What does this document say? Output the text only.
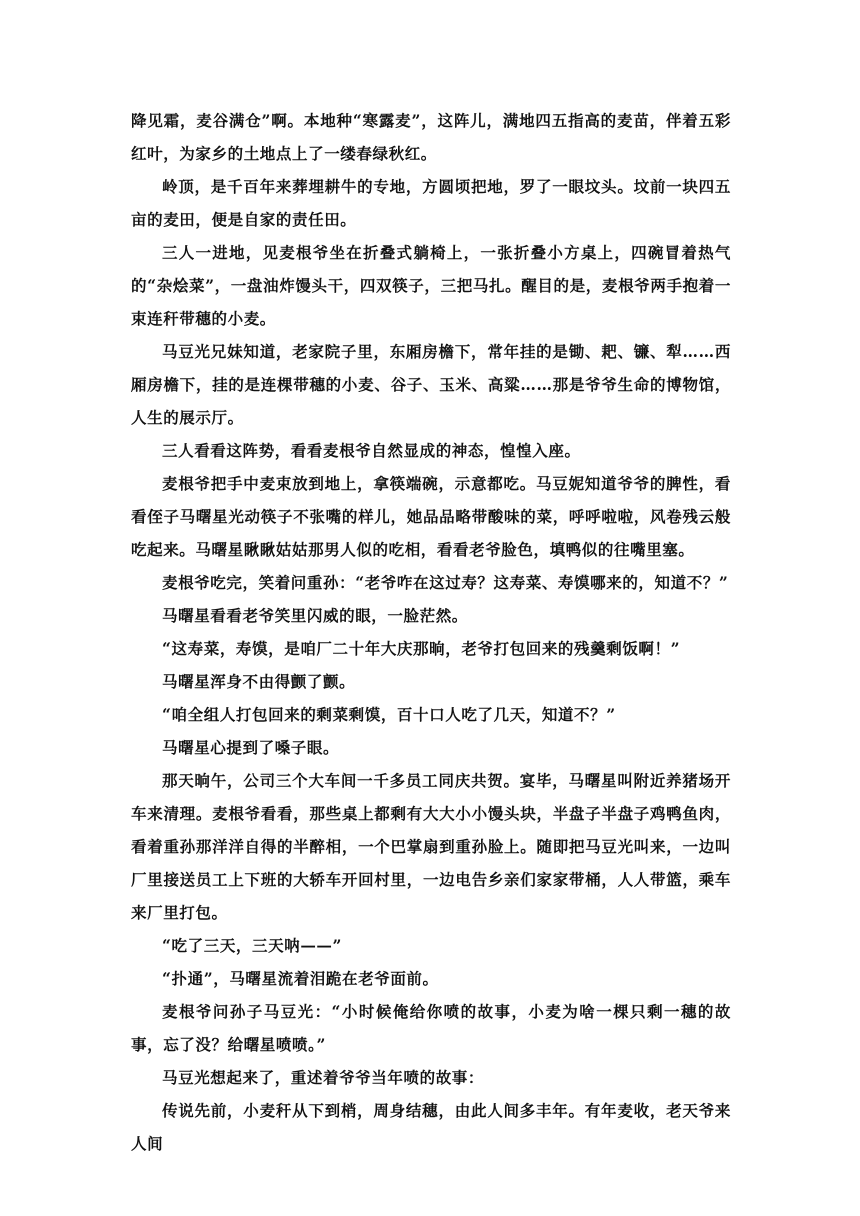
降见霜，麦谷满仓”啊。本地种“寒露麦”，这阵儿，满地四五指高的麦苗，伴着五彩红叶，为家乡的土地点上了一缕春绿秋红。

岭顶，是千百年来葬埋耕牛的专地，方圆顷把地，罗了一眼坟头。坟前一块四五亩的麦田，便是自家的责任田。

三人一进地，见麦根爷坐在折叠式躺椅上，一张折叠小方桌上，四碗冒着热气的“杂烩菜”，一盘油炸馒头干，四双筷子，三把马扎。醒目的是，麦根爷两手抱着一束连秆带穗的小麦。

马豆光兄妹知道，老家院子里，东厢房檐下，常年挂的是锄、耙、镰、犁……西厢房檐下，挂的是连棵带穗的小麦、谷子、玉米、高粱……那是爷爷生命的博物馆，人生的展示厅。

三人看看这阵势，看看麦根爷自然显成的神态，惶惶入座。

麦根爷把手中麦束放到地上，拿筷端碗，示意都吃。马豆妮知道爷爷的脾性，看看侄子马曙星光动筷子不张嘴的样儿，她品品略带酸味的菜，呼呼啦啦，风卷残云般吃起来。马曙星瞅瞅姑姑那男人似的吃相，看看老爷脸色，填鸭似的往嘴里塞。

麦根爷吃完，笑着问重孙：“老爷咋在这过寿？这寿菜、寿馍哪来的，知道不？”

马曙星看看老爷笑里闪威的眼，一脸茫然。

“这寿菜，寿馍，是咱厂二十年大庆那晌，老爷打包回来的残羹剩饭啊！”

马曙星浑身不由得颤了颤。

“咱全组人打包回来的剩菜剩馍，百十口人吃了几天，知道不？”

马曙星心提到了嗓子眼。

那天晌午，公司三个大车间一千多员工同庆共贺。宴毕，马曙星叫附近养猪场开车来清理。麦根爷看看，那些桌上都剩有大大小小馒头块，半盘子半盘子鸡鸭鱼肉，看着重孙那洋洋自得的半醉相，一个巴掌扇到重孙脸上。随即把马豆光叫来，一边叫厂里接送员工上下班的大轿车开回村里，一边电告乡亲们家家带桶，人人带篮，乘车来厂里打包。

“吃了三天，三天呐——”

“扑通”，马曙星流着泪跪在老爷面前。

麦根爷问孙子马豆光：“小时候俺给你喷的故事，小麦为啥一棵只剩一穗的故事，忘了没？给曙星喷喷。”

马豆光想起来了，重述着爷爷当年喷的故事：

传说先前，小麦秆从下到梢，周身结穗，由此人间多丰年。有年麦收，老天爷来人间
